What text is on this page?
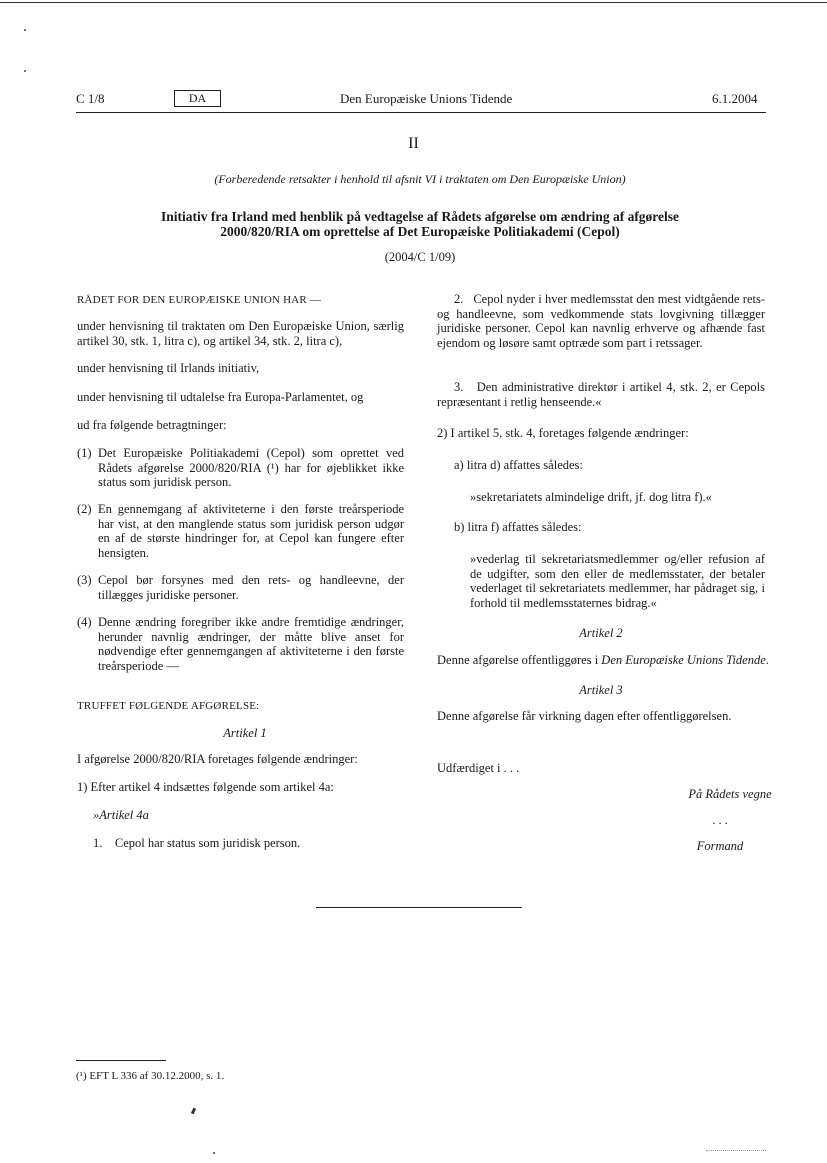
C 1/8	DA	Den Europæiske Unions Tidende	6.1.2004
II
(Forberedende retsakter i henhold til afsnit VI i traktaten om Den Europæiske Union)
Initiativ fra Irland med henblik på vedtagelse af Rådets afgørelse om ændring af afgørelse
2000/820/RIA om oprettelse af Det Europæiske Politiakademi (Cepol)
(2004/C 1/09)
RÅDET FOR DEN EUROPÆISKE UNION HAR —
under henvisning til traktaten om Den Europæiske Union, særlig artikel 30, stk. 1, litra c), og artikel 34, stk. 2, litra c),
under henvisning til Irlands initiativ,
under henvisning til udtalelse fra Europa-Parlamentet, og
ud fra følgende betragtninger:
(1) Det Europæiske Politiakademi (Cepol) som oprettet ved Rådets afgørelse 2000/820/RIA (¹) har for øjeblikket ikke status som juridisk person.
(2) En gennemgang af aktiviteterne i den første treårsperiode har vist, at den manglende status som juridisk person udgør en af de største hindringer for, at Cepol kan fungere efter hensigten.
(3) Cepol bør forsynes med den rets- og handleevne, der tillægges juridiske personer.
(4) Denne ændring foregriber ikke andre fremtidige ændringer, herunder navnlig ændringer, der måtte blive anset for nødvendige efter gennemgangen af aktiviteterne i den første treårsperiode —
TRUFFET FØLGENDE AFGØRELSE:
Artikel 1
I afgørelse 2000/820/RIA foretages følgende ændringer:
1) Efter artikel 4 indsættes følgende som artikel 4a:
»Artikel 4a
1. Cepol har status som juridisk person.
2. Cepol nyder i hver medlemsstat den mest vidtgående rets- og handleevne, som vedkommende stats lovgivning tillægger juridiske personer. Cepol kan navnlig erhverve og afhænde fast ejendom og løsøre samt optræde som part i retssager.
3. Den administrative direktør i artikel 4, stk. 2, er Cepols repræsentant i retlig henseende.«
2) I artikel 5, stk. 4, foretages følgende ændringer:
a) litra d) affattes således:
»sekretariatets almindelige drift, jf. dog litra f).«
b) litra f) affattes således:
»vederlag til sekretariatsmedlemmer og/eller refusion af de udgifter, som den eller de medlemsstater, der betaler vederlaget til sekretariatets medlemmer, har pådraget sig, i forhold til medlemsstaternes bidrag.«
Artikel 2
Denne afgørelse offentliggøres i Den Europæiske Unions Tidende.
Artikel 3
Denne afgørelse får virkning dagen efter offentliggørelsen.
Udfærdiget i . . .
På Rådets vegne
. . .
Formand
(¹) EFT L 336 af 30.12.2000, s. 1.
